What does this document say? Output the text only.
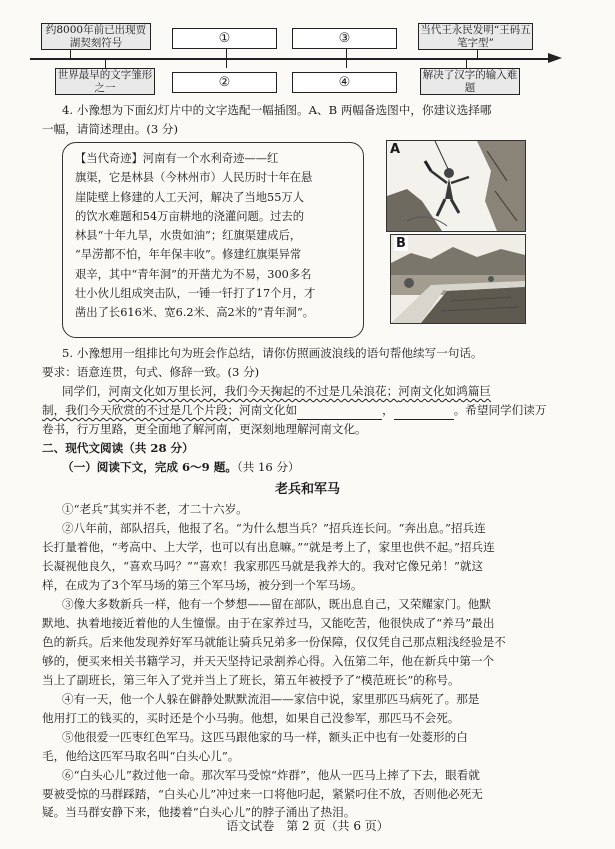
约8000年前已出现贾湖契刻符号	①	③
当代王永民发明“王码五笔字型”
世界最早的文字雏形之一	②	④
解决了汉字的输入难题
4. 小豫想为下面幻灯片中的文字选配一幅插图。A、B 两幅备选图中，你建议选择哪
一幅，请简述理由。(3 分)
【当代奇迹】河南有一个水利奇迹——红
旗渠，它是林县（今林州市）人民历时十年在悬
崖陡壁上修建的人工天河，解决了当地55万人
的饮水难题和54万亩耕地的浇灌问题。过去的
林县“十年九旱，水贵如油”；红旗渠建成后，
“旱涝都不怕，年年保丰收”。修建红旗渠异常
艰辛，其中“青年洞”的开凿尤为不易，300多名
壮小伙儿组成突击队，一锤一钎打了17个月，才
凿出了长616米、宽6.2米、高2米的“青年洞”。
A
B
5. 小豫想用一组排比句为班会作总结，请你仿照画波浪线的语句帮他续写一句话。
要求：语意连贯，句式、修辞一致。(3 分)
同学们，河南文化如万里长河，我们今天掬起的不过是几朵浪花；河南文化如鸿篇巨
制，我们今天欣赏的不过是几个片段；河南文化如	，	。希望同学们读万
卷书，行万里路，更全面地了解河南，更深刻地理解河南文化。
二、现代文阅读（共 28 分）
（一）阅读下文，完成 6～9 题。（共 16 分）
老兵和军马
①“老兵”其实并不老，才二十六岁。
②八年前，部队招兵，他报了名。“为什么想当兵？”招兵连长问。“奔出息。”招兵连
长打量着他，“考高中、上大学，也可以有出息嘛。”“就是考上了，家里也供不起。”招兵连
长凝视他良久，“喜欢马吗？”“喜欢！我家那匹马就是我养大的。我对它像兄弟！”就这
样，在成为了3个军马场的第三个军马场，被分到一个军马场。
③像大多数新兵一样，他有一个梦想——留在部队，既出息自己，又荣耀家门。他默
默地、执着地接近着他的人生憧憬。由于在家养过马，又能吃苦，他很快成了“养马”最出
色的新兵。后来他发现养好军马就能让骑兵兄弟多一份保障，仅仅凭自己那点粗浅经验是不
够的，便买来相关书籍学习，并天天坚持记录割养心得。入伍第二年，他在新兵中第一个
当上了副班长，第三年入了党并当上了班长，第五年被授予了“模范班长”的称号。
④有一天，他一个人躲在僻静处默默流泪——家信中说，家里那匹马病死了。那是
他用打工的钱买的，买时还是个小马驹。他想，如果自己没参军，那匹马不会死。
⑤他很爱一匹枣红色军马。这匹马跟他家的马一样，额头正中也有一处菱形的白
毛，他给这匹军马取名叫“白头心儿”。
⑥“白头心儿”救过他一命。那次军马受惊“炸群”，他从一匹马上摔了下去，眼看就
要被受惊的马群踩踏，“白头心儿”冲过来一口将他叼起，紧紧叼住不放，否则他必死无
疑。当马群安静下来，他搂着“白头心儿”的脖子涌出了热泪。
语文试卷　第 2 页（共 6 页）
